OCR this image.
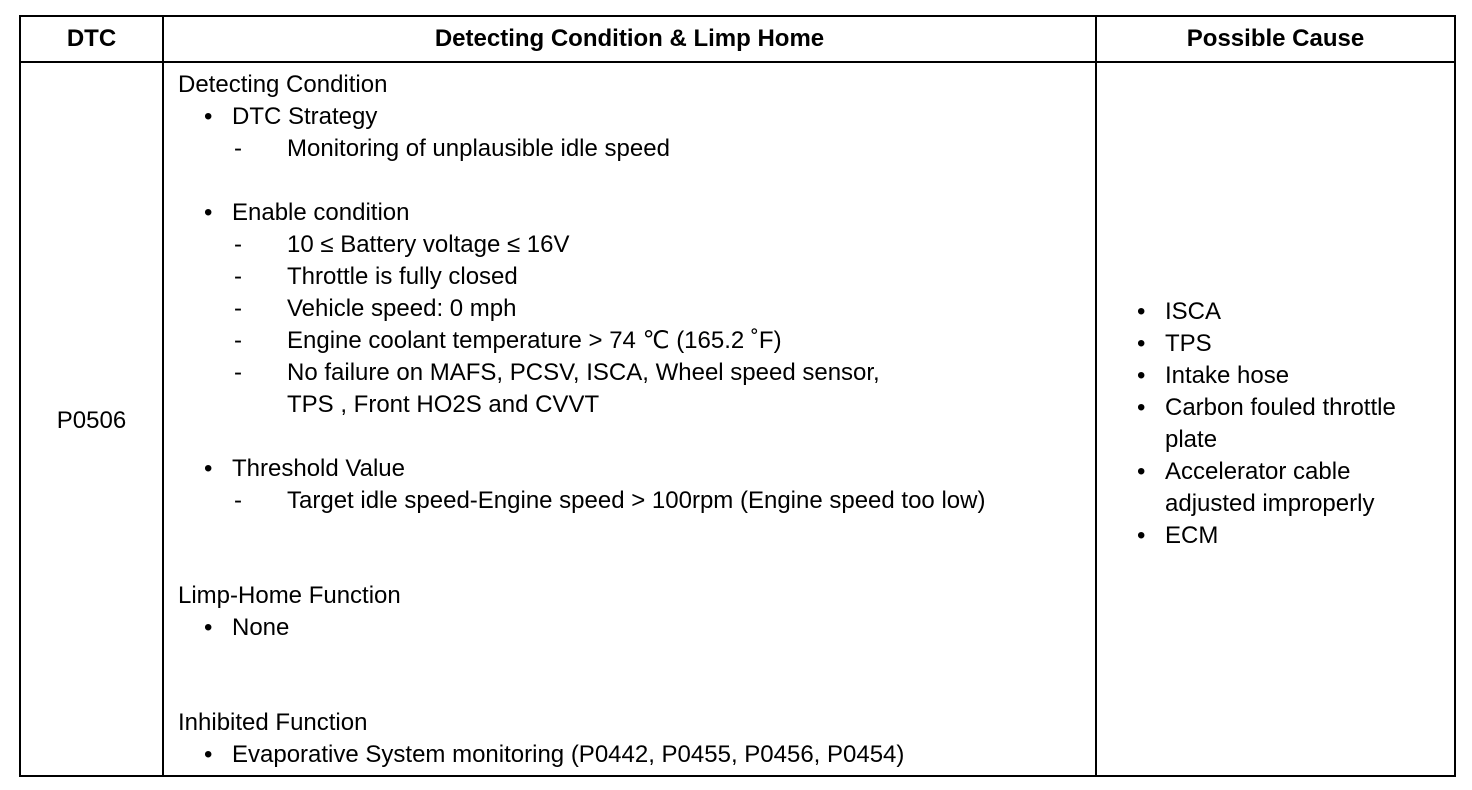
DTC	Detecting Condition & Limp Home	Possible Cause
P0506
Detecting Condition
• DTC Strategy
- Monitoring of unplausible idle speed
• Enable condition
- 10 ≤ Battery voltage ≤ 16V
- Throttle is fully closed
- Vehicle speed: 0 mph
- Engine coolant temperature > 74 ℃ (165.2 ˚F)
- No failure on MAFS, PCSV, ISCA, Wheel speed sensor,
TPS , Front HO2S and CVVT
• Threshold Value
- Target idle speed-Engine speed > 100rpm (Engine speed too low)
Limp-Home Function
• None
Inhibited Function
• Evaporative System monitoring (P0442, P0455, P0456, P0454)
• ISCA
• TPS
• Intake hose
• Carbon fouled throttle
plate
• Accelerator cable
adjusted improperly
• ECM
